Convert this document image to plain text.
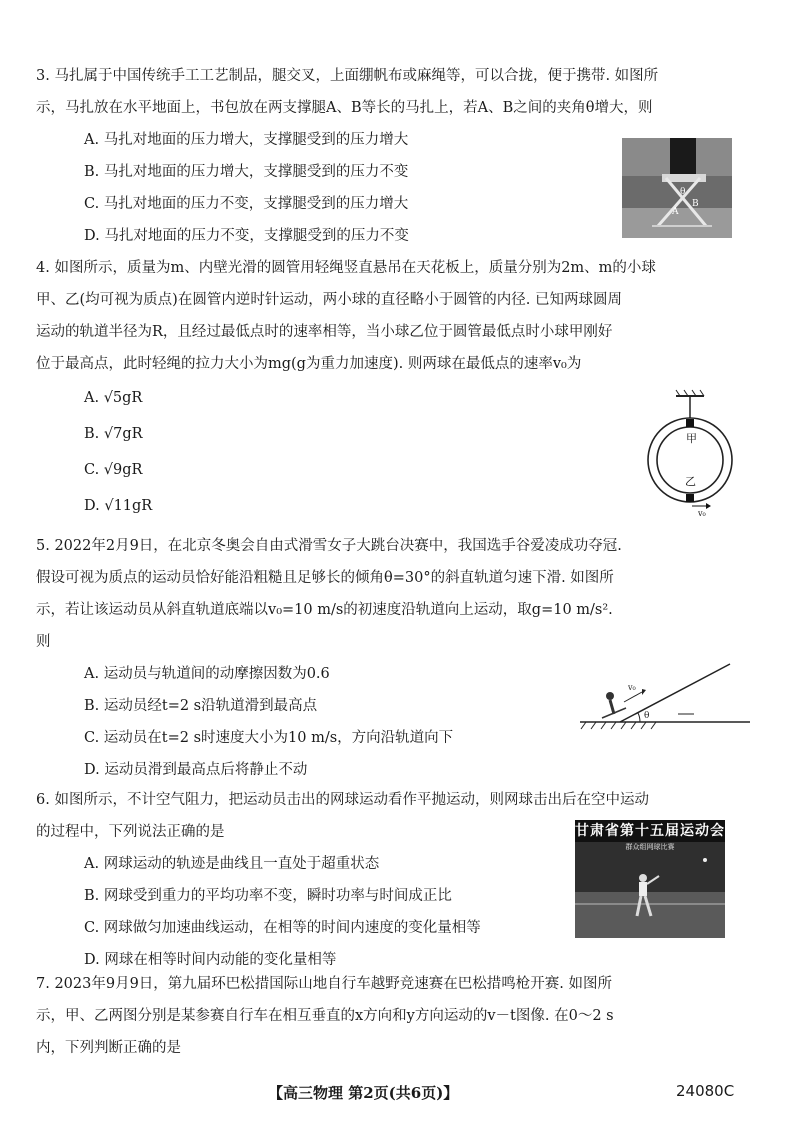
3. 马扎属于中国传统手工工艺制品，腿交叉，上面绷帆布或麻绳等，可以合拢，便于携带. 如图所

示，马扎放在水平地面上，书包放在两支撑腿A、B等长的马扎上，若A、B之间的夹角θ增大，则

A. 马扎对地面的压力增大，支撑腿受到的压力增大

B. 马扎对地面的压力增大，支撑腿受到的压力不变

C. 马扎对地面的压力不变，支撑腿受到的压力增大

D. 马扎对地面的压力不变，支撑腿受到的压力不变

θ
A
B

4. 如图所示，质量为m、内壁光滑的圆管用轻绳竖直悬吊在天花板上，质量分别为2m、m的小球

甲、乙(均可视为质点)在圆管内逆时针运动，两小球的直径略小于圆管的内径. 已知两球圆周

运动的轨道半径为R，且经过最低点时的速率相等，当小球乙位于圆管最低点时小球甲刚好

位于最高点，此时轻绳的拉力大小为mg(g为重力加速度). 则两球在最低点的速率v₀为

A. √5gR

B. √7gR

C. √9gR

D. √11gR

甲
乙
v₀

5. 2022年2月9日，在北京冬奥会自由式滑雪女子大跳台决赛中，我国选手谷爱凌成功夺冠.

假设可视为质点的运动员恰好能沿粗糙且足够长的倾角θ=30°的斜直轨道匀速下滑. 如图所

示，若让该运动员从斜直轨道底端以v₀=10 m/s的初速度沿轨道向上运动，取g=10 m/s².

则

A. 运动员与轨道间的动摩擦因数为0.6

B. 运动员经t=2 s沿轨道滑到最高点

C. 运动员在t=2 s时速度大小为10 m/s，方向沿轨道向下

D. 运动员滑到最高点后将静止不动

θ
v₀

6. 如图所示，不计空气阻力，把运动员击出的网球运动看作平抛运动，则网球击出后在空中运动

的过程中，下列说法正确的是

A. 网球运动的轨迹是曲线且一直处于超重状态

B. 网球受到重力的平均功率不变，瞬时功率与时间成正比

C. 网球做匀加速曲线运动，在相等的时间内速度的变化量相等

D. 网球在相等时间内动能的变化量相等

甘肃省第十五届运动会
群众组网球比赛

7. 2023年9月9日，第九届环巴松措国际山地自行车越野竞速赛在巴松措鸣枪开赛. 如图所

示，甲、乙两图分别是某参赛自行车在相互垂直的x方向和y方向运动的v－t图像. 在0～2 s

内，下列判断正确的是

【高三物理 第2页(共6页)】	24080C
